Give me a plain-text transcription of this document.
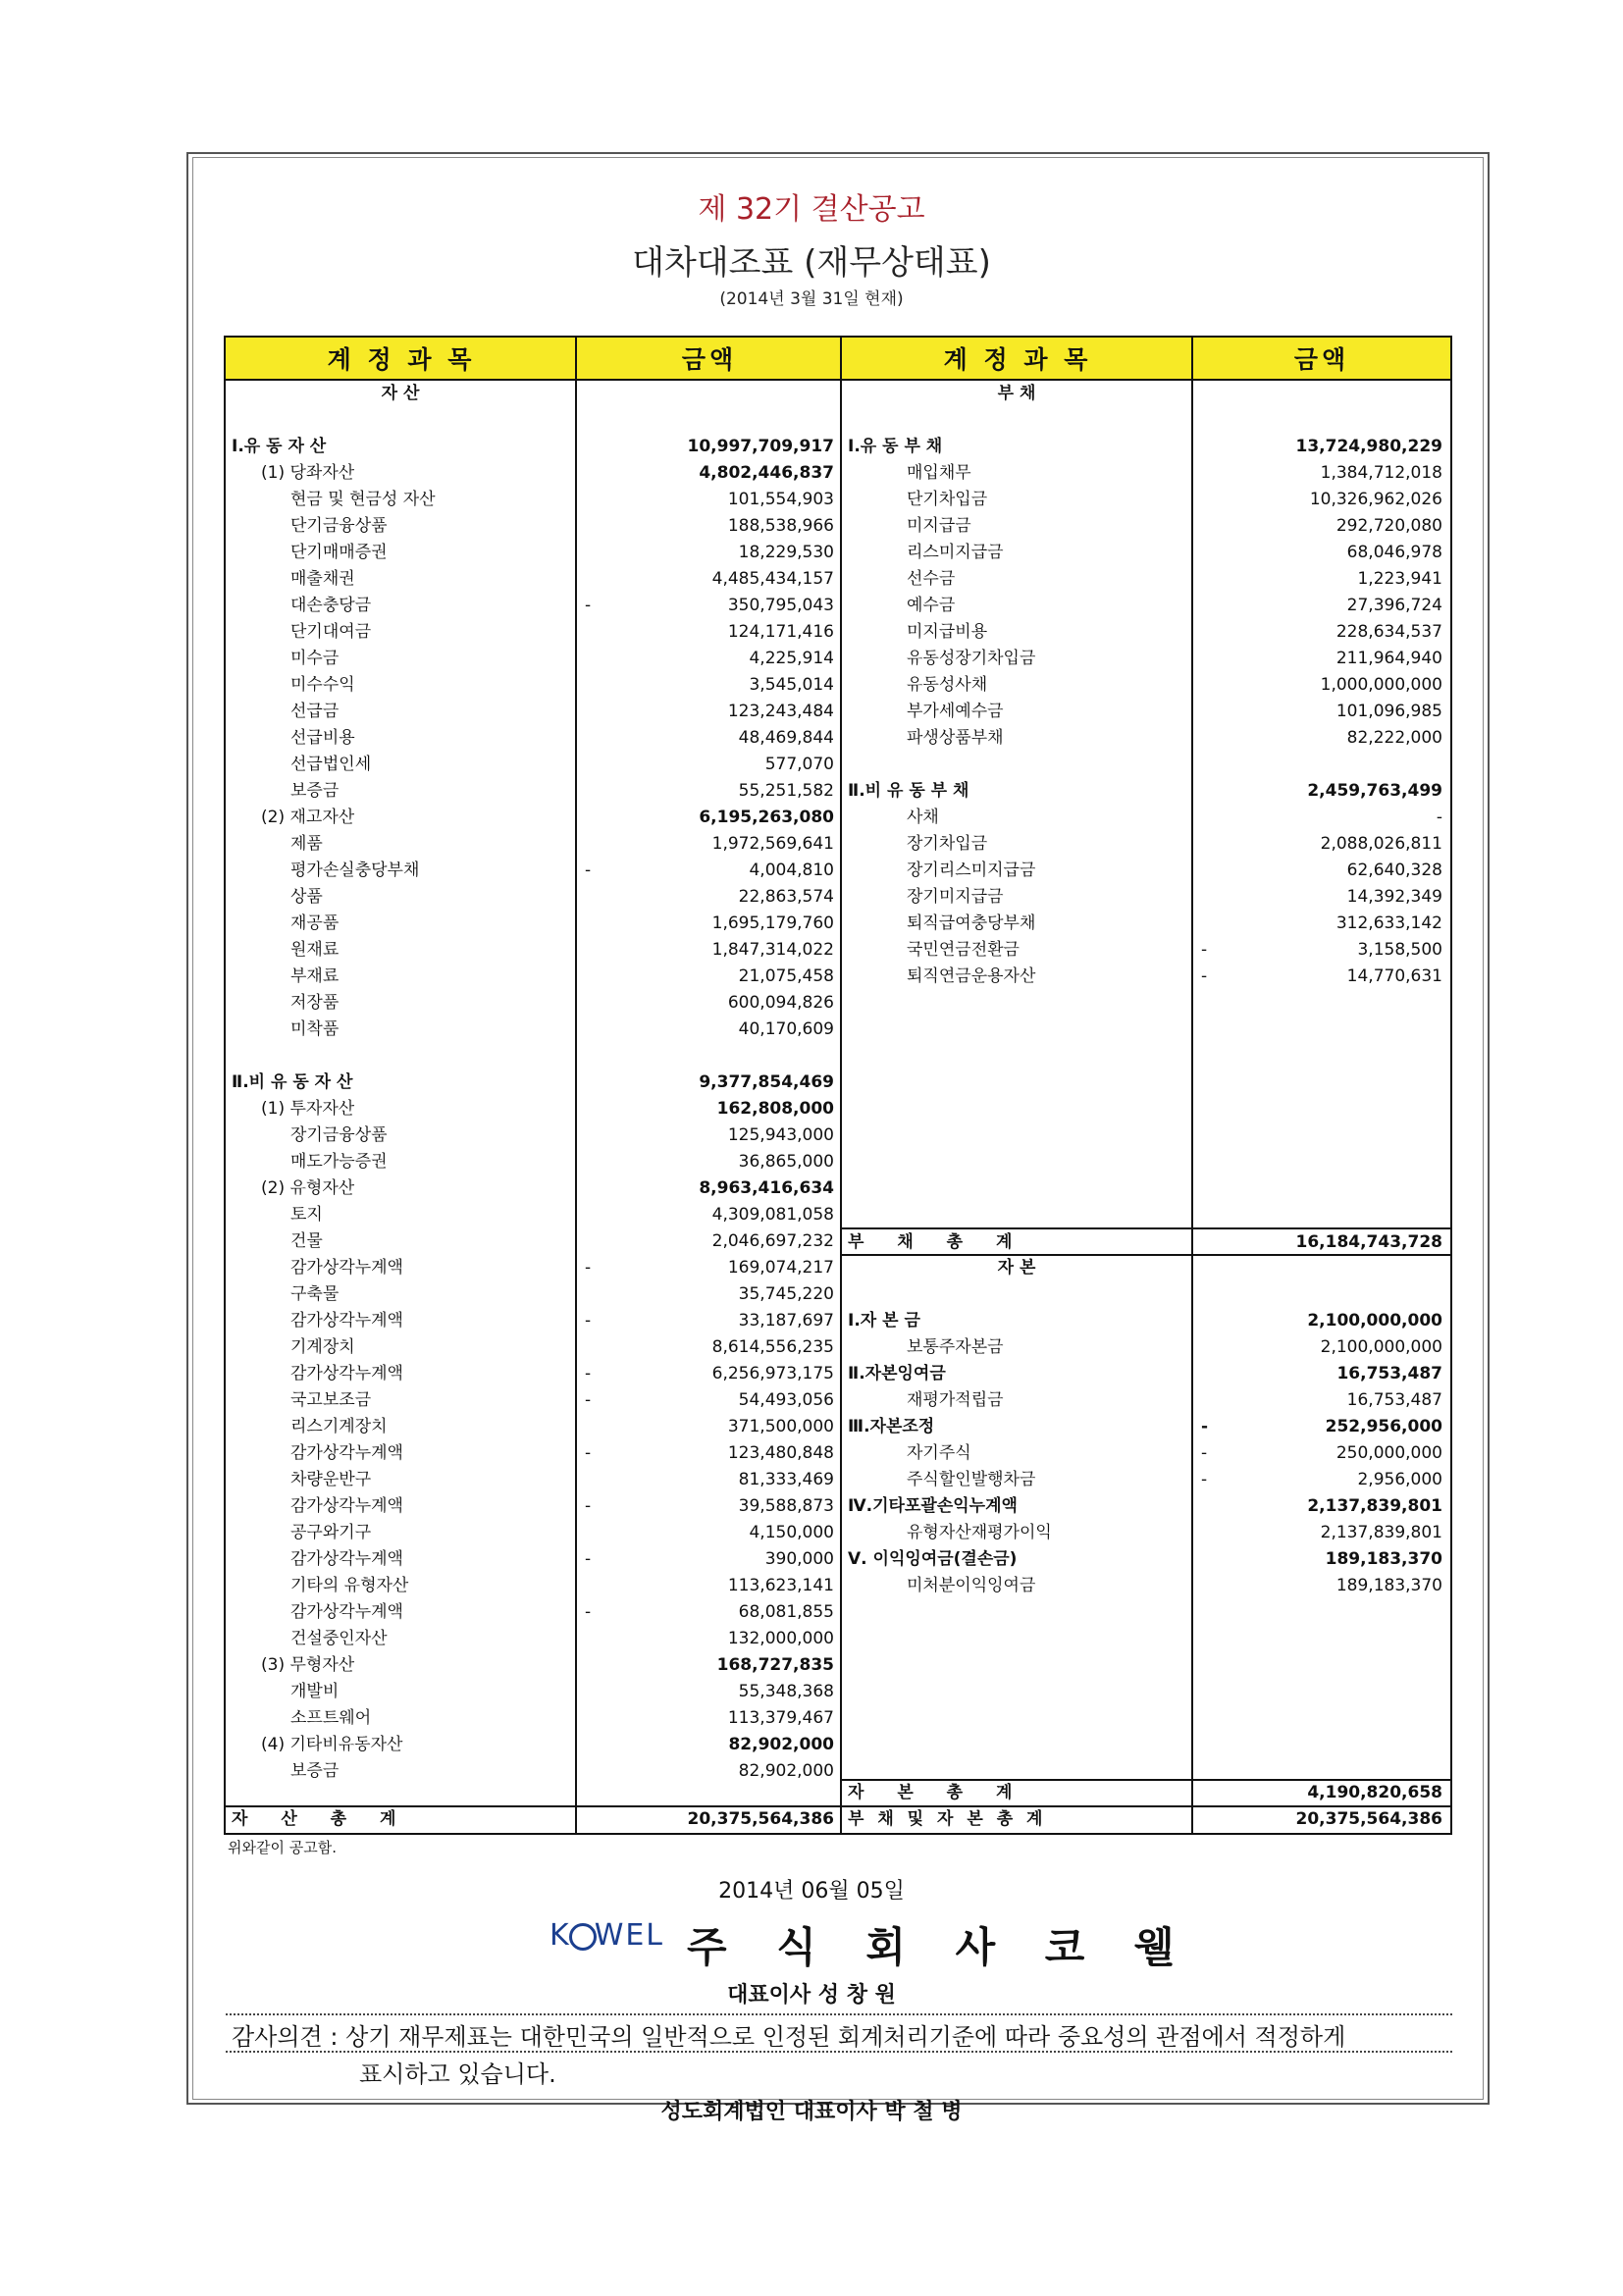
제 32기 결산공고
대차대조표 (재무상태표)
(2014년 3월 31일 현재)
계 정 과 목	금액	계 정 과 목	금액
자 산
Ⅰ.유 동 자 산	10,997,709,917
(1) 당좌자산	4,802,446,837
현금 및 현금성 자산	101,554,903
단기금융상품	188,538,966
단기매매증권	18,229,530
매출채권	4,485,434,157
대손충당금	-	350,795,043
단기대여금	124,171,416
미수금	4,225,914
미수수익	3,545,014
선급금	123,243,484
선급비용	48,469,844
선급법인세	577,070
보증금	55,251,582
(2) 재고자산	6,195,263,080
제품	1,972,569,641
평가손실충당부채	-	4,004,810
상품	22,863,574
재공품	1,695,179,760
원재료	1,847,314,022
부재료	21,075,458
저장품	600,094,826
미착품	40,170,609
Ⅱ.비 유 동 자 산	9,377,854,469
(1) 투자자산	162,808,000
장기금융상품	125,943,000
매도가능증권	36,865,000
(2) 유형자산	8,963,416,634
토지	4,309,081,058
건물	2,046,697,232
감가상각누계액	-	169,074,217
구축물	35,745,220
감가상각누계액	-	33,187,697
기계장치	8,614,556,235
감가상각누계액	-	6,256,973,175
국고보조금	-	54,493,056
리스기계장치	371,500,000
감가상각누계액	-	123,480,848
차량운반구	81,333,469
감가상각누계액	-	39,588,873
공구와기구	4,150,000
감가상각누계액	-	390,000
기타의 유형자산	113,623,141
감가상각누계액	-	68,081,855
건설중인자산	132,000,000
(3) 무형자산	168,727,835
개발비	55,348,368
소프트웨어	113,379,467
(4) 기타비유동자산	82,902,000
보증금	82,902,000
부 채
Ⅰ.유 동 부 채	13,724,980,229
매입채무	1,384,712,018
단기차입금	10,326,962,026
미지급금	292,720,080
리스미지급금	68,046,978
선수금	1,223,941
예수금	27,396,724
미지급비용	228,634,537
유동성장기차입금	211,964,940
유동성사채	1,000,000,000
부가세예수금	101,096,985
파생상품부채	82,222,000
Ⅱ.비 유 동 부 채	2,459,763,499
사채	-
장기차입금	2,088,026,811
장기리스미지급금	62,640,328
장기미지급금	14,392,349
퇴직급여충당부채	312,633,142
국민연금전환금	-	3,158,500
퇴직연금운용자산	-	14,770,631
자 본
Ⅰ.자 본 금	2,100,000,000
보통주자본금	2,100,000,000
Ⅱ.자본잉여금	16,753,487
재평가적립금	16,753,487
Ⅲ.자본조정	-	252,956,000
자기주식	-	250,000,000
주식할인발행차금	-	2,956,000
Ⅳ.기타포괄손익누계액	2,137,839,801
유형자산재평가이익	2,137,839,801
Ⅴ. 이익잉여금(결손금)	189,183,370
미처분이익잉여금	189,183,370
자 산 총 계	20,375,564,386
부 채 총 계	16,184,743,728
자 본 총 계	4,190,820,658
부 채 및 자 본 총 계	20,375,564,386
위와같이 공고함.
2014년 06월 05일
K WEL 주 식 회 사 코 웰
대표이사 성 창 원
감사의견 : 상기 재무제표는 대한민국의 일반적으로 인정된 회계처리기준에 따라 중요성의 관점에서 적정하게
표시하고 있습니다.
성도회계법인 대표이사 박 철 병
